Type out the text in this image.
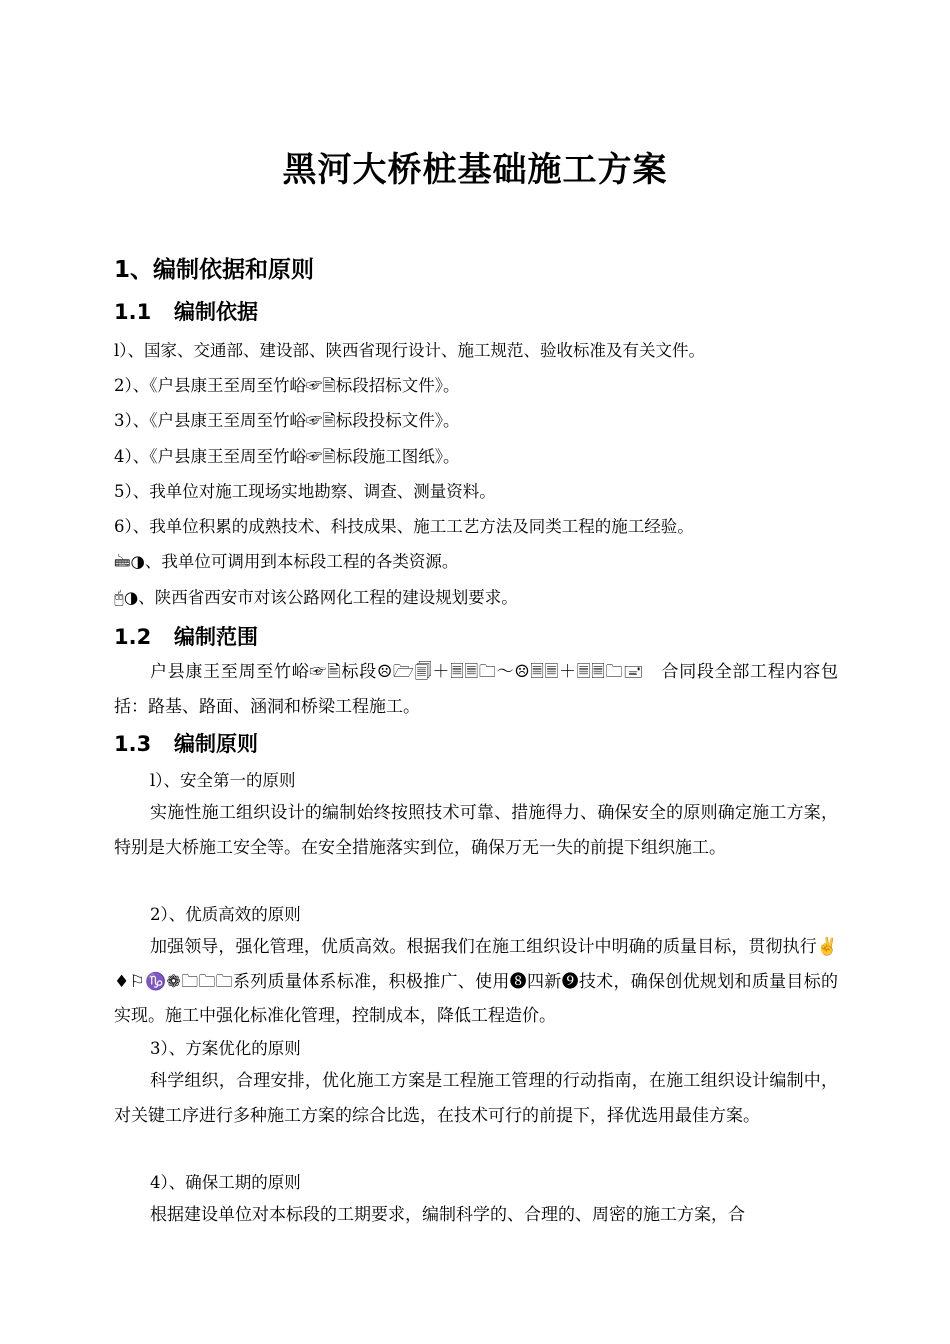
黑河大桥桩基础施工方案
1、编制依据和原则
1.1 编制依据
l）、国家、交通部、建设部、陕西省现行设计、施工规范、验收标准及有关文件。
2）、《户县康王至周至竹峪☞🖹标段招标文件》。
3）、《户县康王至周至竹峪☞🖹标段投标文件》。
4）、《户县康王至周至竹峪☞🖹标段施工图纸》。
5）、我单位对施工现场实地勘察、调查、测量资料。
6）、我单位积累的成熟技术、科技成果、施工工艺方法及同类工程的施工经验。
🖮◑、我单位可调用到本标段工程的各类资源。
🖰◑、陕西省西安市对该公路网化工程的建设规划要求。
1.2 编制范围

户县康王至周至竹峪☞🖹标段☹🗁🗐＋🗏🗏🗀～☹🗏🗏＋🗏🗏🗀🖃　合同段全部工程内容包括：路基、路面、涵洞和桥梁工程施工。

1.3 编制原则
l）、安全第一的原则

实施性施工组织设计的编制始终按照技术可靠、措施得力、确保安全的原则确定施工方案，特别是大桥施工安全等。在安全措施落实到位，确保万无一失的前提下组织施工。

2）、优质高效的原则

加强领导，强化管理，优质高效。根据我们在施工组织设计中明确的质量目标，贯彻执行✌♦⚐♑❁🗀🗀🗀系列质量体系标准，积极推广、使用❽四新❾技术，确保创优规划和质量目标的实现。施工中强化标准化管理，控制成本，降低工程造价。

3）、方案优化的原则

科学组织，合理安排，优化施工方案是工程施工管理的行动指南，在施工组织设计编制中，对关键工序进行多种施工方案的综合比选，在技术可行的前提下，择优选用最佳方案。

4）、确保工期的原则

根据建设单位对本标段的工期要求，编制科学的、合理的、周密的施工方案，合
